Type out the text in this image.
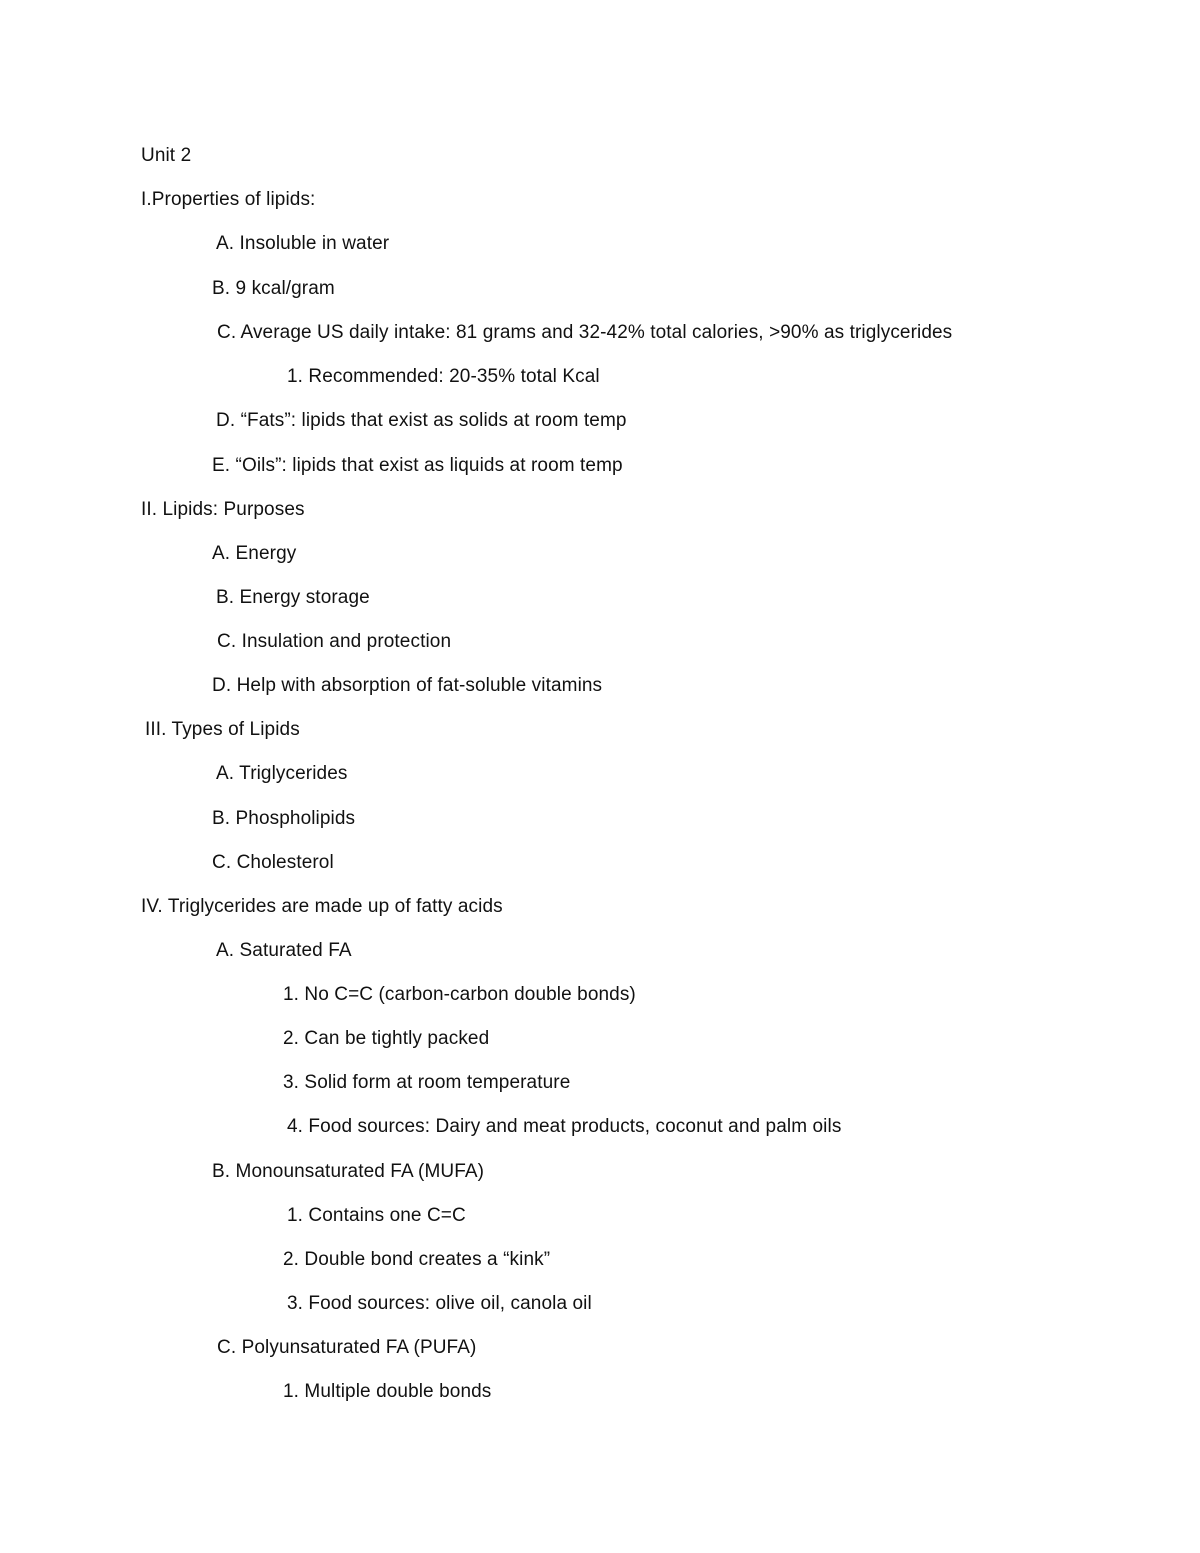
Unit 2
I.Properties of lipids:
A. Insoluble in water
B. 9 kcal/gram
C. Average US daily intake: 81 grams and 32-42% total calories, >90% as triglycerides
1. Recommended: 20-35% total Kcal
D. “Fats”: lipids that exist as solids at room temp
E. “Oils”: lipids that exist as liquids at room temp
II. Lipids: Purposes
A. Energy
B. Energy storage
C. Insulation and protection
D. Help with absorption of fat-soluble vitamins
III. Types of Lipids
A. Triglycerides
B. Phospholipids
C. Cholesterol
IV. Triglycerides are made up of fatty acids
A. Saturated FA
1. No C=C (carbon-carbon double bonds)
2. Can be tightly packed
3. Solid form at room temperature
4. Food sources: Dairy and meat products, coconut and palm oils
B. Monounsaturated FA (MUFA)
1. Contains one C=C
2. Double bond creates a “kink”
3. Food sources: olive oil, canola oil
C. Polyunsaturated FA (PUFA)
1. Multiple double bonds
